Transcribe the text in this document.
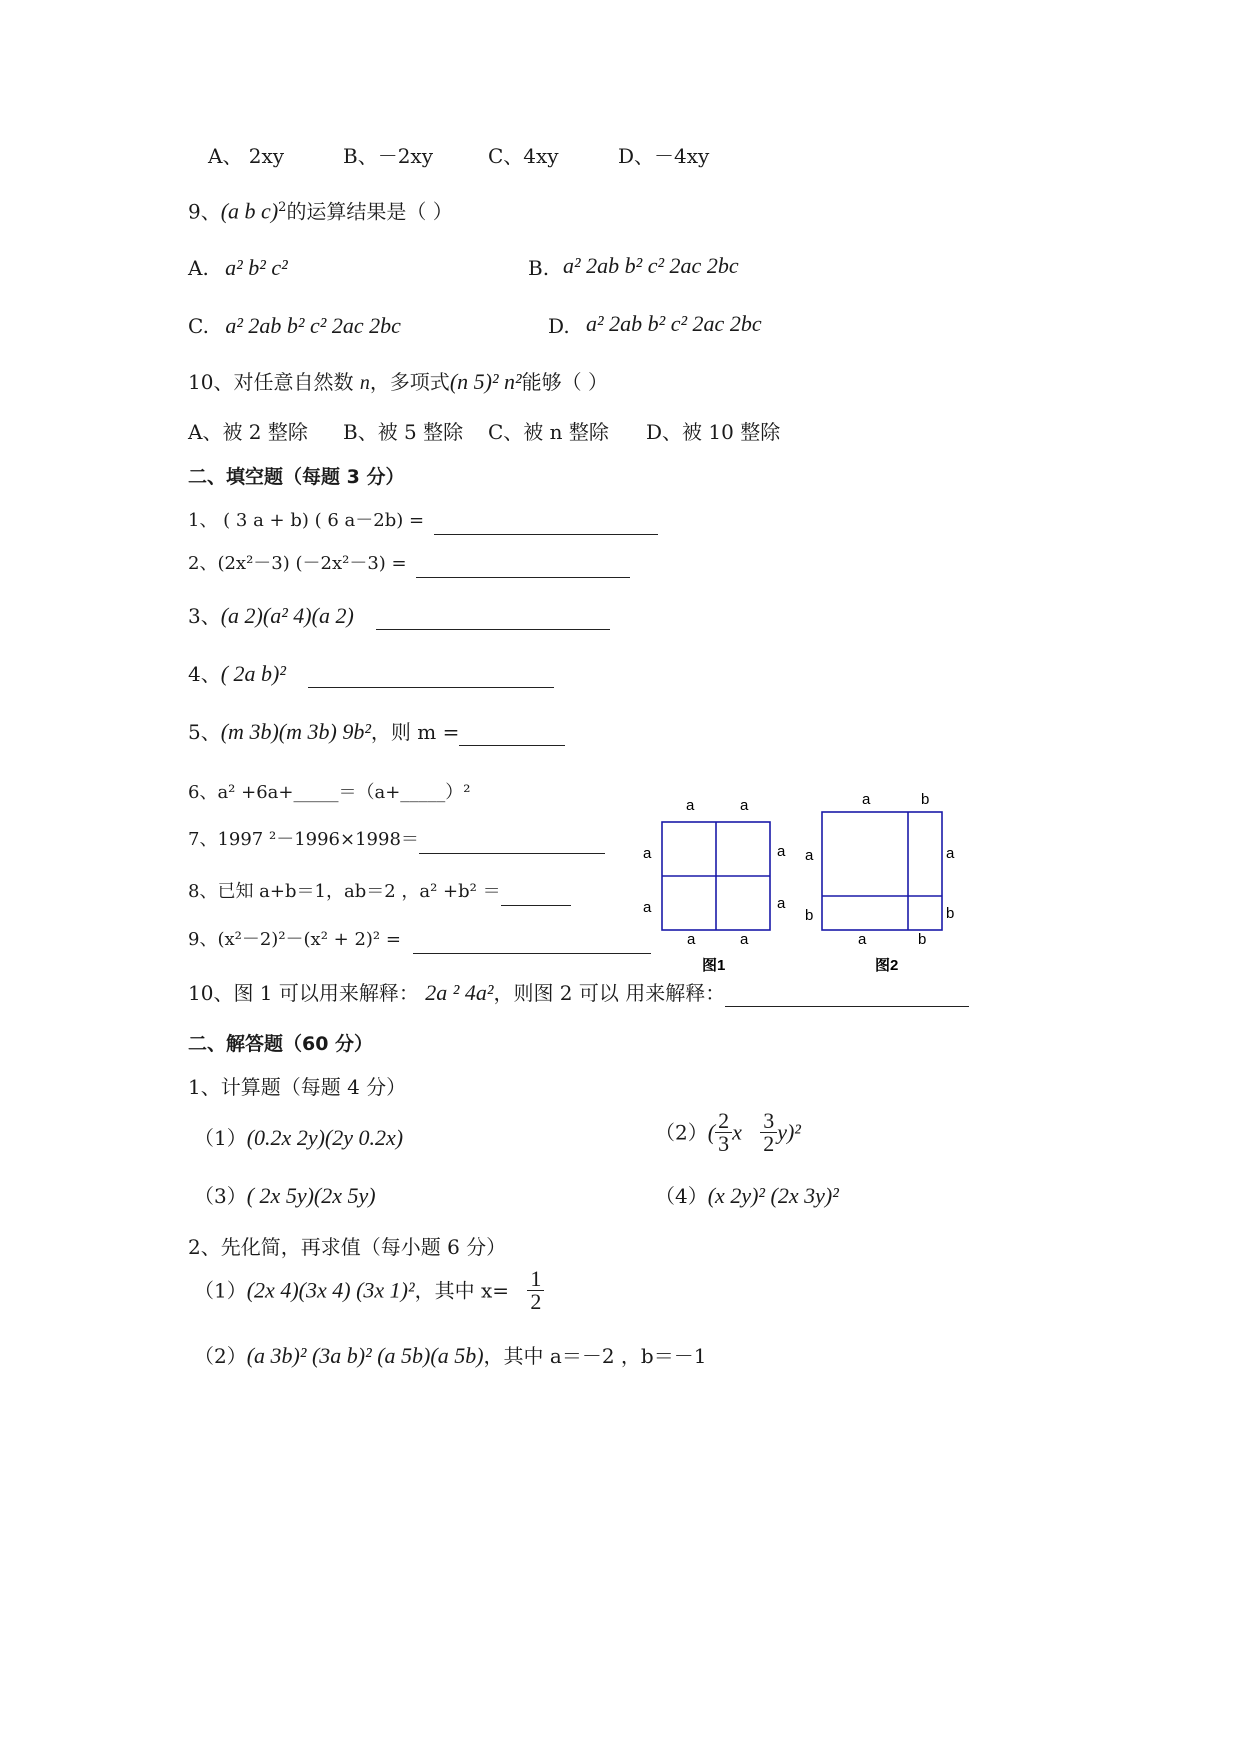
A、 2xy	B、－2xy	C、4xy	D、－4xy
9、(a b c)$^2$的运算结果是（ ）
A. a² b² c²	B. a² 2ab b² c² 2ac 2bc
C. a² 2ab b² c² 2ac 2bc	D. a² 2ab b² c² 2ac 2bc
10、对任意自然数 n，多项式(n 5)² n²能够（ ）
A、被 2 整除 B、被 5 整除 C、被 n 整除 D、被 10 整除
二、填空题（每题 3 分）
1、 ( 3 a + b) ( 6 a－2b) =
2、(2x²－3) (－2x²－3) =
3、(a 2)(a² 4)(a 2)
4、( 2a b)²
5、(m 3b)(m 3b) 9b²，则 m =
6、a² +6a+_____＝（a+_____）²
7、1997 ²－1996×1998＝
8、已知 a+b＝1，ab＝2 ，a² +b² ＝
9、(x²－2)²－(x² + 2)² =
10、图 1 可以用来解释： 2a ² 4a²，则图 2 可以 用来解释：
a	a
a
a
a
a
a	a
图1
a	b
a
b
a
b
a	b
图2
二、解答题（60 分）
1、计算题（每题 4 分）
（1）(0.2x 2y)(2y 0.2x)	$(2)( \frac{2}{3}$ x $\frac{3}{2} y)^2$
（3）( 2x 5y)(2x 5y)	（4）(x 2y)² (2x 3y)²
2、先化简，再求值（每小题 6 分）
（1）(2x 4)(3x 4) (3x 1)²，其中 $x= \frac{1}{2}$
（2）(a 3b)² (3a b)² (a 5b)(a 5b)，其中 a＝－2 ，b＝－1
